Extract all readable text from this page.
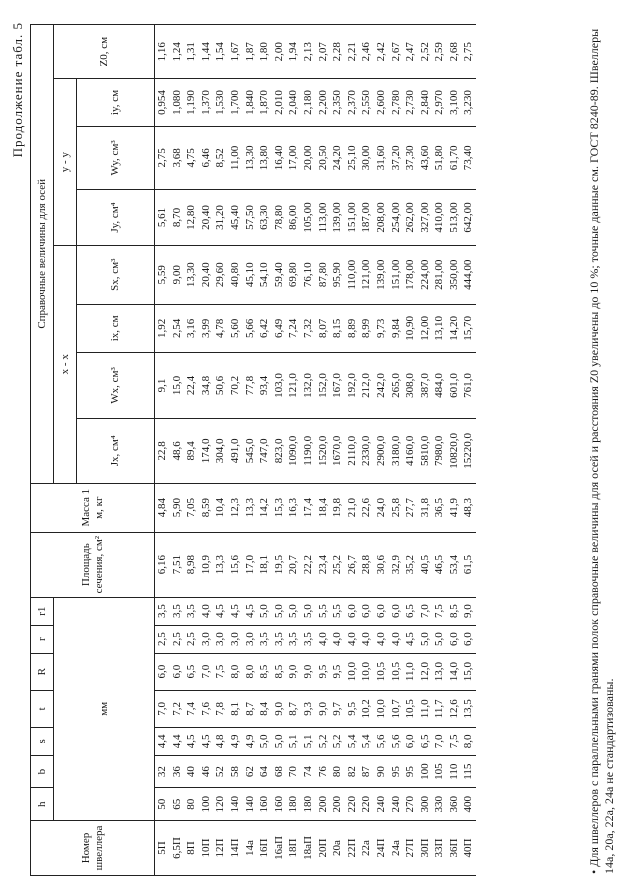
Продолжение табл. 5
Номер швеллера	h	b	s	t	R	r	r1	Площадь сечения, см²	Масса 1 м, кг	Справочные величины для осей							
	мм									x - x				y - y			Z0, см
										Jx, см⁴	Wx, см³	ix, см	Sx, см³	Jy, см⁴	Wy, см³	iy, см	
5П	50	32	4,4	7,0	6,0	2,5	3,5	6,16	4,84	22,8	9,1	1,92	5,59	5,61	2,75	0,954	1,16
6,5П	65	36	4,4	7,2	6,0	2,5	3,5	7,51	5,90	48,6	15,0	2,54	9,00	8,70	3,68	1,080	1,24
8П	80	40	4,5	7,4	6,5	2,5	3,5	8,98	7,05	89,4	22,4	3,16	13,30	12,80	4,75	1,190	1,31
10П	100	46	4,5	7,6	7,0	3,0	4,0	10,9	8,59	174,0	34,8	3,99	20,40	20,40	6,46	1,370	1,44
12П	120	52	4,8	7,8	7,5	3,0	4,5	13,3	10,4	304,0	50,6	4,78	29,60	31,20	8,52	1,530	1,54
14П	140	58	4,9	8,1	8,0	3,0	4,5	15,6	12,3	491,0	70,2	5,60	40,80	45,40	11,00	1,700	1,67
14а	140	62	4,9	8,7	8,0	3,0	4,5	17,0	13,3	545,0	77,8	5,66	45,10	57,50	13,30	1,840	1,87
16П	160	64	5,0	8,4	8,5	3,5	5,0	18,1	14,2	747,0	93,4	6,42	54,10	63,30	13,80	1,870	1,80
16аП	160	68	5,0	9,0	8,5	3,5	5,0	19,5	15,3	823,0	103,0	6,49	59,40	78,80	16,40	2,010	2,00
18П	180	70	5,1	8,7	9,0	3,5	5,0	20,7	16,3	1090,0	121,0	7,24	69,80	86,00	17,00	2,040	1,94
18аП	180	74	5,1	9,3	9,0	3,5	5,0	22,2	17,4	1190,0	132,0	7,32	76,10	105,00	20,00	2,180	2,13
20П	200	76	5,2	9,0	9,5	4,0	5,5	23,4	18,4	1520,0	152,0	8,07	87,80	113,00	20,50	2,200	2,07
20а	200	80	5,2	9,7	9,5	4,0	5,5	25,2	19,8	1670,0	167,0	8,15	95,90	139,00	24,20	2,350	2,28
22П	220	82	5,4	9,5	10,0	4,0	6,0	26,7	21,0	2110,0	192,0	8,89	110,00	151,00	25,10	2,370	2,21
22а	220	87	5,4	10,2	10,0	4,0	6,0	28,8	22,6	2330,0	212,0	8,99	121,00	187,00	30,00	2,550	2,46
24П	240	90	5,6	10,0	10,5	4,0	6,0	30,6	24,0	2900,0	242,0	9,73	139,00	208,00	31,60	2,600	2,42
24а	240	95	5,6	10,7	10,5	4,0	6,0	32,9	25,8	3180,0	265,0	9,84	151,00	254,00	37,20	2,780	2,67
27П	270	95	6,0	10,5	11,0	4,5	6,5	35,2	27,7	4160,0	308,0	10,90	178,00	262,00	37,30	2,730	2,47
30П	300	100	6,5	11,0	12,0	5,0	7,0	40,5	31,8	5810,0	387,0	12,00	224,00	327,00	43,60	2,840	2,52
33П	330	105	7,0	11,7	13,0	5,0	7,5	46,5	36,5	7980,0	484,0	13,10	281,00	410,00	51,80	2,970	2,59
36П	360	110	7,5	12,6	14,0	6,0	8,5	53,4	41,9	10820,0	601,0	14,20	350,00	513,00	61,70	3,100	2,68
40П	400	115	8,0	13,5	15,0	6,0	9,0	61,5	48,3	15220,0	761,0	15,70	444,00	642,00	73,40	3,230	2,75	• Для швеллеров с параллельными гранями полок справочные величины для осей и расстояния Z0 увеличены до 10 %; точные данные см. ГОСТ 8240-89. Швеллеры 14а, 20а, 22а, 24а не стандартизованы.
